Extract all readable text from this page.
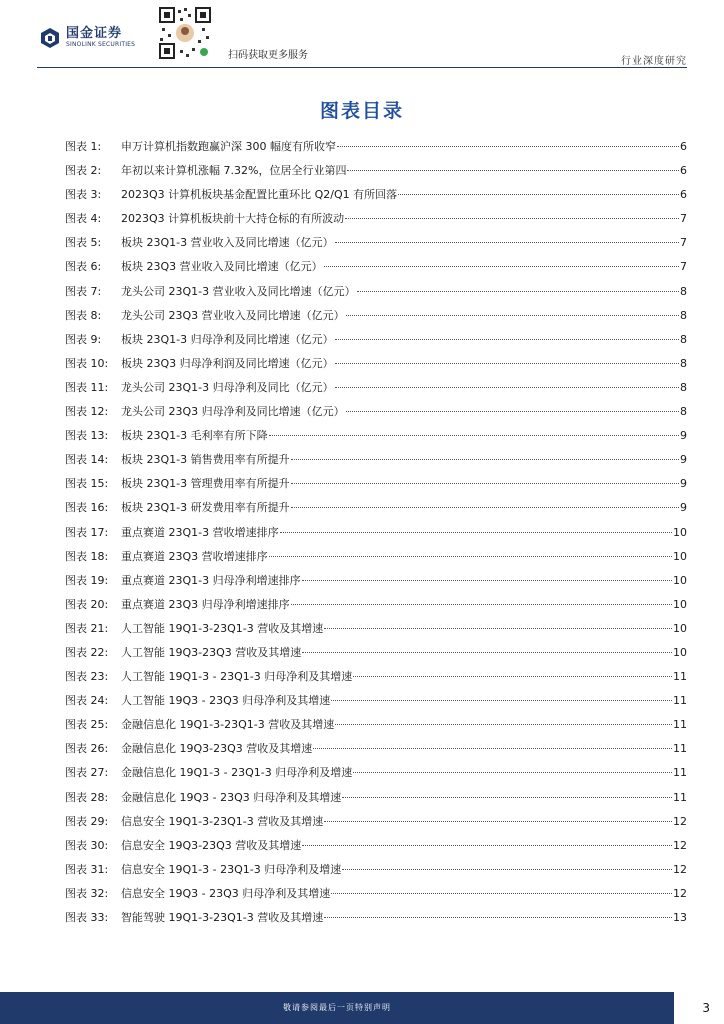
国金证券
SINOLINK SECURITIES
扫码获取更多服务
行业深度研究
图表目录
图表 1:	申万计算机指数跑赢沪深 300 幅度有所收窄	6
图表 2:	年初以来计算机涨幅 7.32%，位居全行业第四	6
图表 3:	2023Q3 计算机板块基金配置比重环比 Q2/Q1 有所回落	6
图表 4:	2023Q3 计算机板块前十大持仓标的有所波动	7
图表 5:	板块 23Q1-3 营业收入及同比增速（亿元）	7
图表 6:	板块 23Q3 营业收入及同比增速（亿元）	7
图表 7:	龙头公司 23Q1-3 营业收入及同比增速（亿元）	8
图表 8:	龙头公司 23Q3 营业收入及同比增速（亿元）	8
图表 9:	板块 23Q1-3 归母净利及同比增速（亿元）	8
图表 10:	板块 23Q3 归母净利润及同比增速（亿元）	8
图表 11:	龙头公司 23Q1-3 归母净利及同比（亿元）	8
图表 12:	龙头公司 23Q3 归母净利及同比增速（亿元）	8
图表 13:	板块 23Q1-3 毛利率有所下降	9
图表 14:	板块 23Q1-3 销售费用率有所提升	9
图表 15:	板块 23Q1-3 管理费用率有所提升	9
图表 16:	板块 23Q1-3 研发费用率有所提升	9
图表 17:	重点赛道 23Q1-3 营收增速排序	10
图表 18:	重点赛道 23Q3 营收增速排序	10
图表 19:	重点赛道 23Q1-3 归母净利增速排序	10
图表 20:	重点赛道 23Q3 归母净利增速排序	10
图表 21:	人工智能 19Q1-3-23Q1-3 营收及其增速	10
图表 22:	人工智能 19Q3-23Q3 营收及其增速	10
图表 23:	人工智能 19Q1-3 - 23Q1-3 归母净利及其增速	11
图表 24:	人工智能 19Q3 - 23Q3 归母净利及其增速	11
图表 25:	金融信息化 19Q1-3-23Q1-3 营收及其增速	11
图表 26:	金融信息化 19Q3-23Q3 营收及其增速	11
图表 27:	金融信息化 19Q1-3 - 23Q1-3 归母净利及增速	11
图表 28:	金融信息化 19Q3 - 23Q3 归母净利及其增速	11
图表 29:	信息安全 19Q1-3-23Q1-3 营收及其增速	12
图表 30:	信息安全 19Q3-23Q3 营收及其增速	12
图表 31:	信息安全 19Q1-3 - 23Q1-3 归母净利及增速	12
图表 32:	信息安全 19Q3 - 23Q3 归母净利及其增速	12
图表 33:	智能驾驶 19Q1-3-23Q1-3 营收及其增速	13
敬请参阅最后一页特别声明	3
